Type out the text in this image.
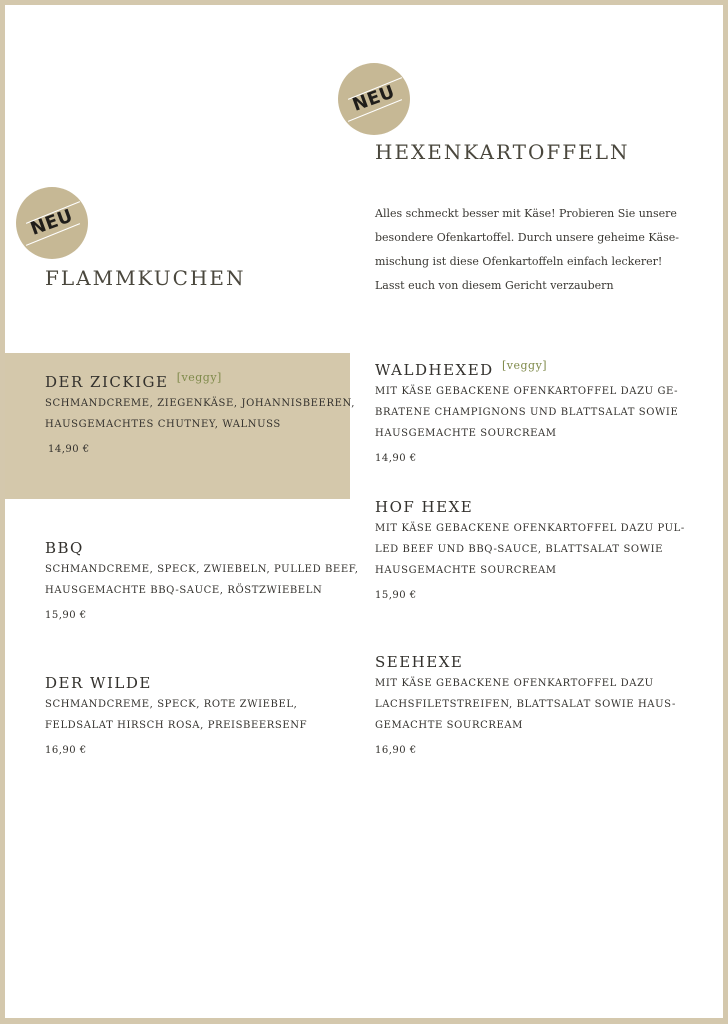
NEU
HEXENKARTOFFELN
Alles schmeckt besser mit Käse! Probieren Sie unsere
besondere Ofenkartoffel. Durch unsere geheime Käse-
mischung ist diese Ofenkartoffeln einfach leckerer!
Lasst euch von diesem Gericht verzaubern
NEU
FLAMMKUCHEN
DER ZICKIGE [veggy]
SCHMANDCREME, ZIEGENKÄSE, JOHANNISBEEREN,
HAUSGEMACHTES CHUTNEY, WALNUSS
14,90 €
BBQ
SCHMANDCREME, SPECK, ZWIEBELN, PULLED BEEF,
HAUSGEMACHTE BBQ-SAUCE, RÖSTZWIEBELN
15,90 €
DER WILDE
SCHMANDCREME, SPECK, ROTE ZWIEBEL,
FELDSALAT HIRSCH ROSA, PREISBEERSENF
16,90 €
WALDHEXED [veggy]
MIT KÄSE GEBACKENE OFENKARTOFFEL DAZU GE-
BRATENE CHAMPIGNONS UND BLATTSALAT SOWIE
HAUSGEMACHTE SOURCREAM
14,90 €
HOF HEXE
MIT KÄSE GEBACKENE OFENKARTOFFEL DAZU PUL-
LED BEEF UND BBQ-SAUCE, BLATTSALAT SOWIE
HAUSGEMACHTE SOURCREAM
15,90 €
SEEHEXE
MIT KÄSE GEBACKENE OFENKARTOFFEL DAZU
LACHSFILETSTREIFEN, BLATTSALAT SOWIE HAUS-
GEMACHTE SOURCREAM
16,90 €
